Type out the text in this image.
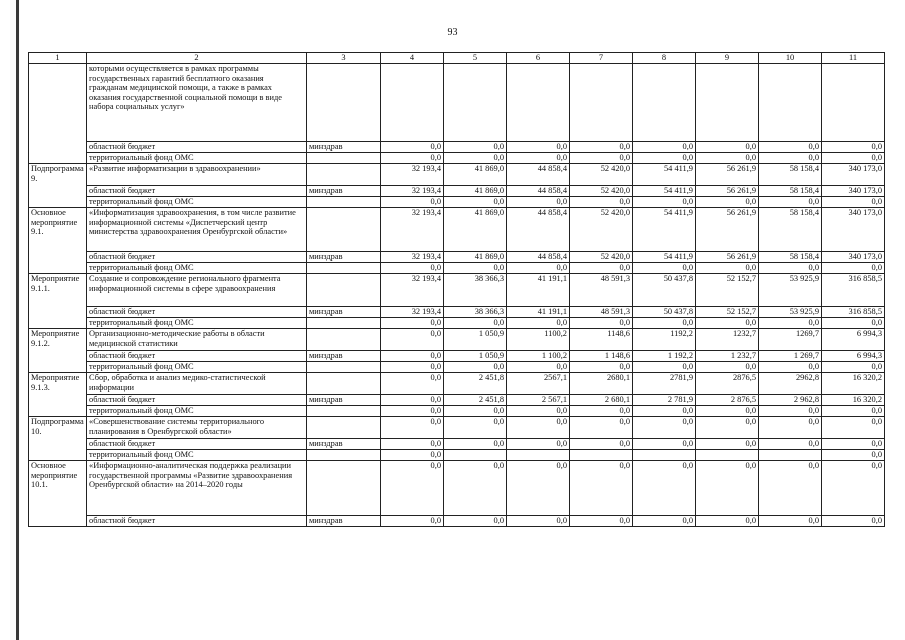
93
1	2	3	4	5	6	7	8	9	10	11
	которыми осуществляется в рамках программы государственных гарантий бесплатного оказания гражданам медицинской помощи, а также в рамках оказания государственной социальной помощи в виде набора социальных услуг»									
	областной бюджет	минздрав	0,0	0,0	0,0	0,0	0,0	0,0	0,0	0,0
	территориальный фонд ОМС		0,0	0,0	0,0	0,0	0,0	0,0	0,0	0,0
Подпрограмма 9.	«Развитие информатизации в здравоохранении»		32 193,4	41 869,0	44 858,4	52 420,0	54 411,9	56 261,9	58 158,4	340 173,0
	областной бюджет	минздрав	32 193,4	41 869,0	44 858,4	52 420,0	54 411,9	56 261,9	58 158,4	340 173,0
	территориальный фонд ОМС		0,0	0,0	0,0	0,0	0,0	0,0	0,0	0,0
Основное мероприятие 9.1.	«Информатизация здравоохранения, в том числе развитие информационной системы «Диспетчерский центр министерства здравоохранения Оренбургской области»		32 193,4	41 869,0	44 858,4	52 420,0	54 411,9	56 261,9	58 158,4	340 173,0
	областной бюджет	минздрав	32 193,4	41 869,0	44 858,4	52 420,0	54 411,9	56 261,9	58 158,4	340 173,0
	территориальный фонд ОМС		0,0	0,0	0,0	0,0	0,0	0,0	0,0	0,0
Мероприятие 9.1.1.	Создание и сопровождение регионального фрагмента информационной системы в сфере здравоохранения		32 193,4	38 366,3	41 191,1	48 591,3	50 437,8	52 152,7	53 925,9	316 858,5
	областной бюджет	минздрав	32 193,4	38 366,3	41 191,1	48 591,3	50 437,8	52 152,7	53 925,9	316 858,5
	территориальный фонд ОМС		0,0	0,0	0,0	0,0	0,0	0,0	0,0	0,0
Мероприятие 9.1.2.	Организационно-методические работы в области медицинской статистики		0,0	1 050,9	1100,2	1148,6	1192,2	1232,7	1269,7	6 994,3
	областной бюджет	минздрав	0,0	1 050,9	1 100,2	1 148,6	1 192,2	1 232,7	1 269,7	6 994,3
	территориальный фонд ОМС		0,0	0,0	0,0	0,0	0,0	0,0	0,0	0,0
Мероприятие 9.1.3.	Сбор, обработка и анализ медико-статистической информации		0,0	2 451,8	2567,1	2680,1	2781,9	2876,5	2962,8	16 320,2
	областной бюджет	минздрав	0,0	2 451,8	2 567,1	2 680,1	2 781,9	2 876,5	2 962,8	16 320,2
	территориальный фонд ОМС		0,0	0,0	0,0	0,0	0,0	0,0	0,0	0,0
Подпрограмма 10.	«Совершенствование системы территориального планирования в Оренбургской области»		0,0	0,0	0,0	0,0	0,0	0,0	0,0	0,0
	областной бюджет	минздрав	0,0	0,0	0,0	0,0	0,0	0,0	0,0	0,0
	территориальный фонд ОМС		0,0							0,0
Основное мероприятие 10.1.	«Информационно-аналитическая поддержка реализации государственной программы «Развитие здравоохранения Оренбургской области» на 2014–2020 годы		0,0	0,0	0,0	0,0	0,0	0,0	0,0	0,0
	областной бюджет	минздрав	0,0	0,0	0,0	0,0	0,0	0,0	0,0	0,0
